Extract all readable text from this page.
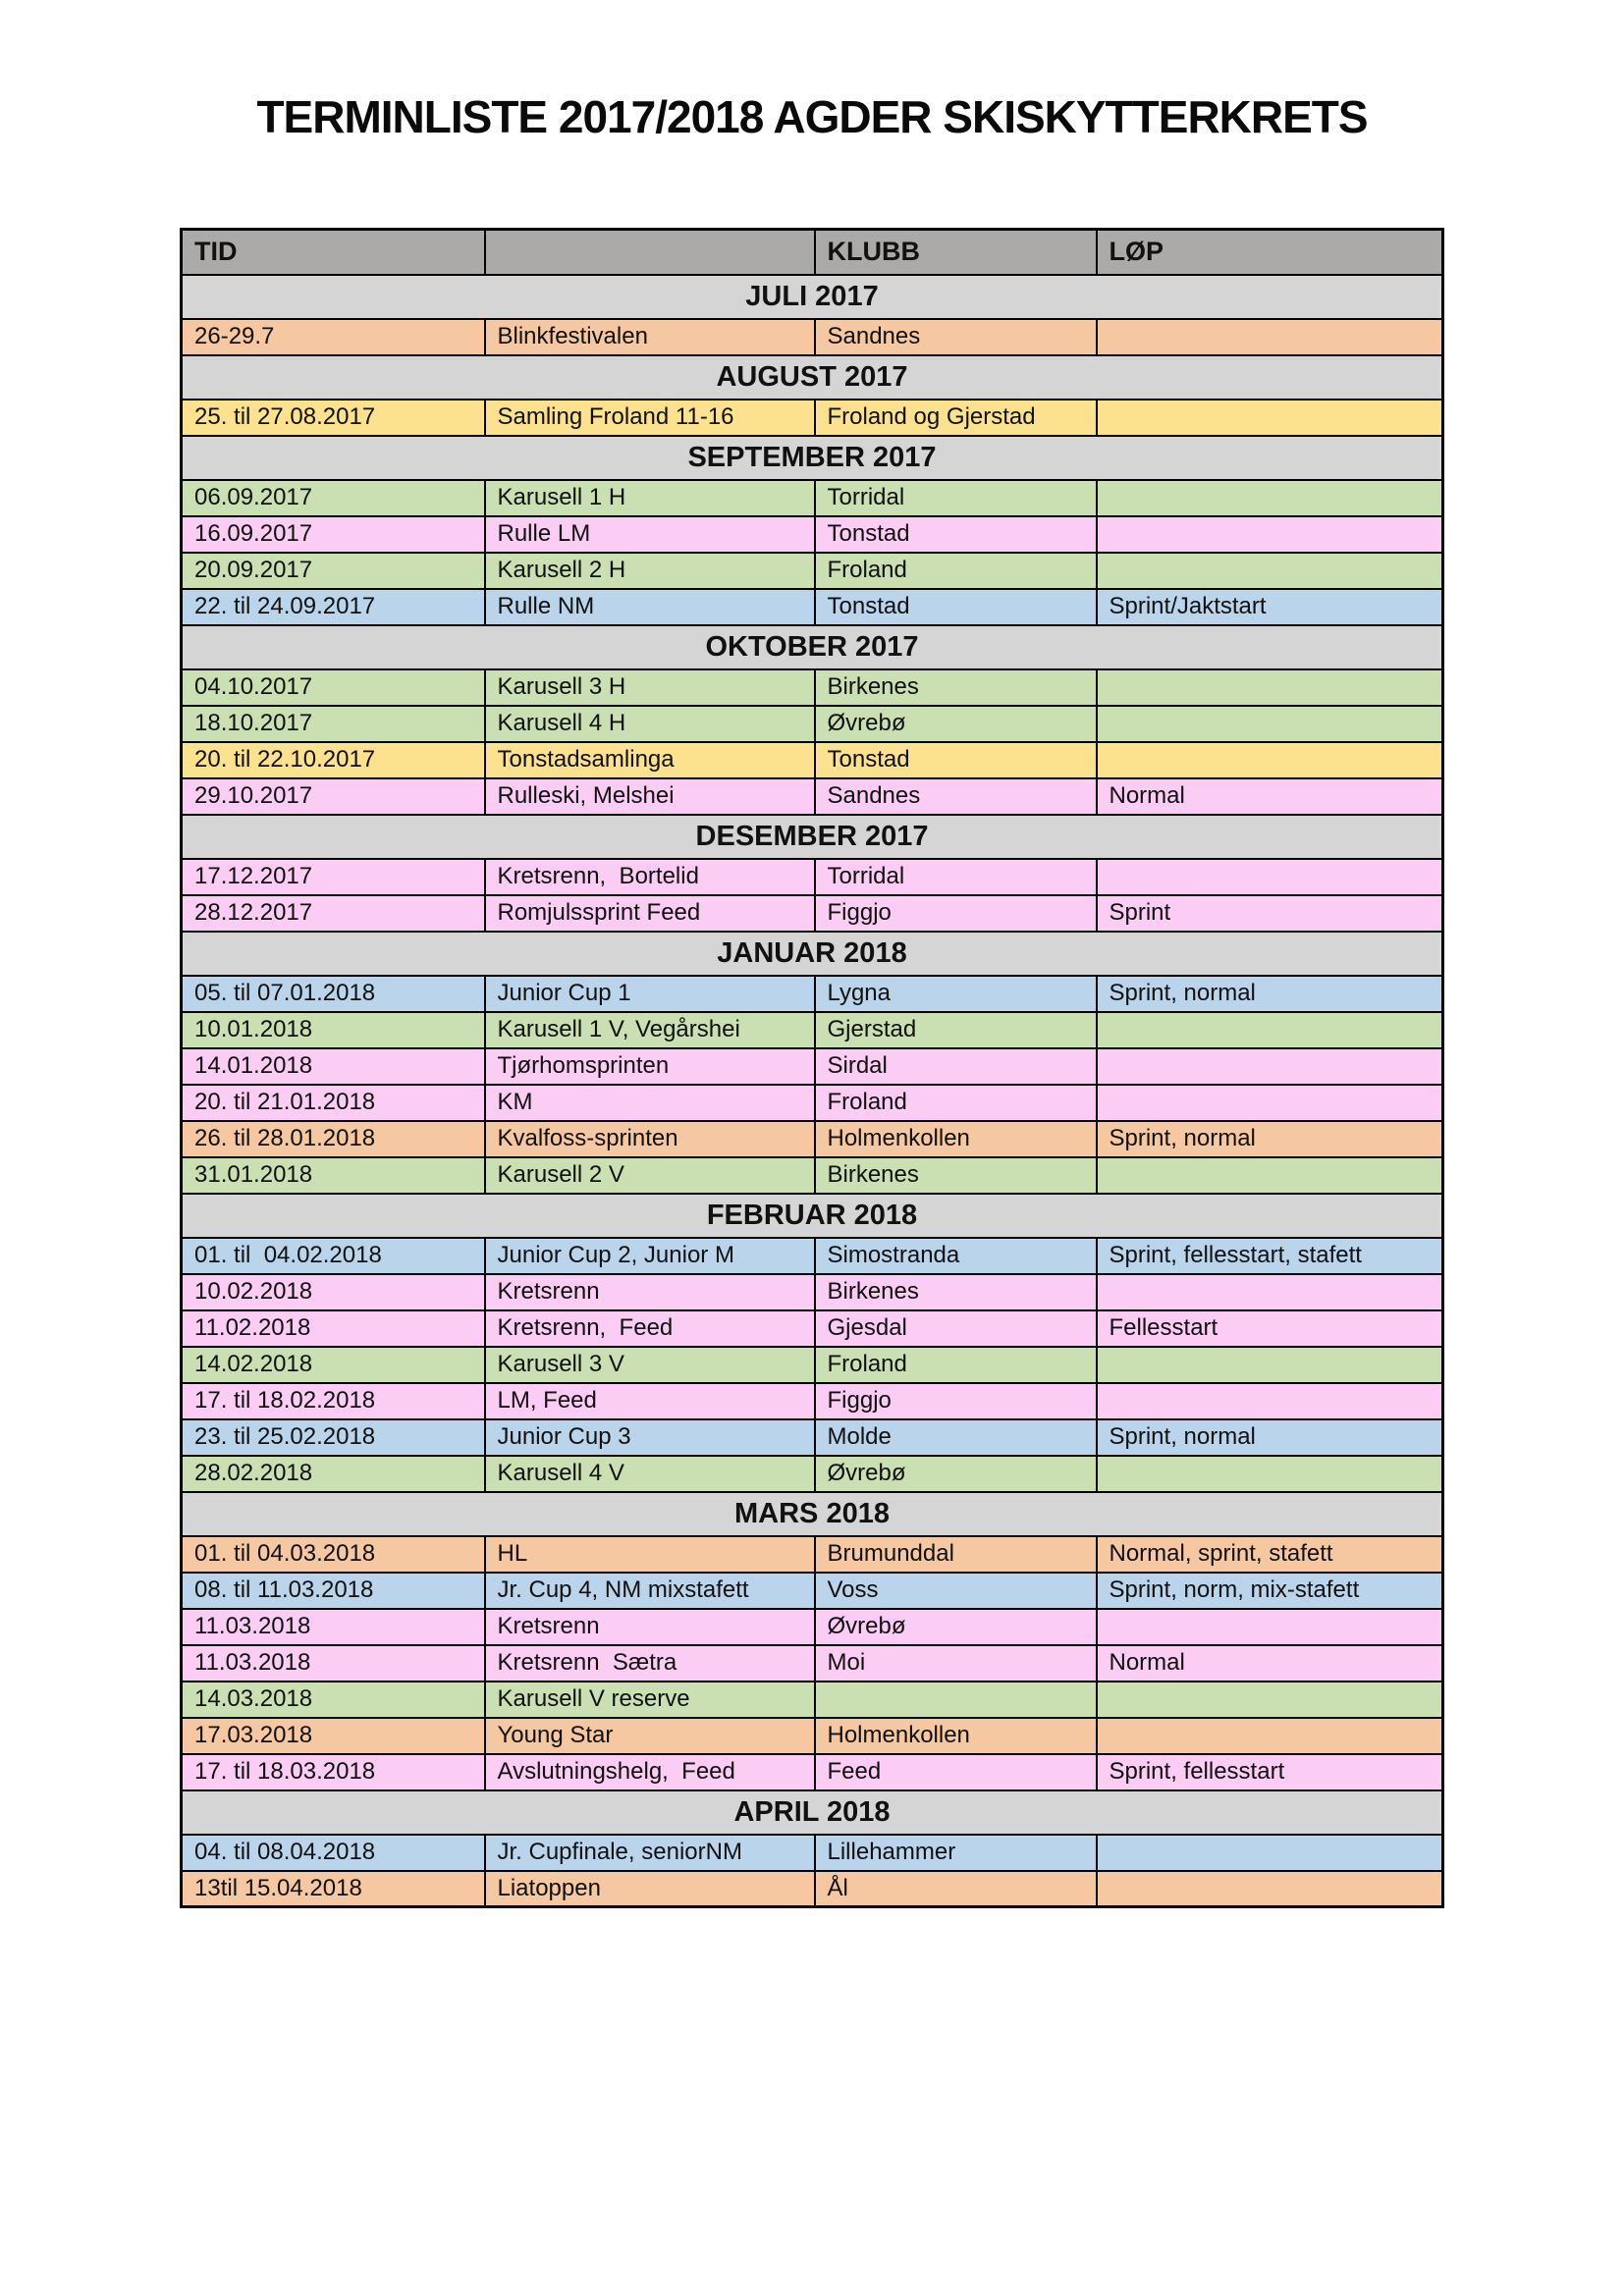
TERMINLISTE 2017/2018 AGDER SKISKYTTERKRETS
TID		KLUBB	LØP
JULI 2017			
26-29.7	Blinkfestivalen	Sandnes	
AUGUST 2017			
25. til 27.08.2017	Samling Froland 11-16	Froland og Gjerstad	
SEPTEMBER 2017			
06.09.2017	Karusell 1 H	Torridal	
16.09.2017	Rulle LM	Tonstad	
20.09.2017	Karusell 2 H	Froland	
22. til 24.09.2017	Rulle NM	Tonstad	Sprint/Jaktstart
OKTOBER 2017			
04.10.2017	Karusell 3 H	Birkenes	
18.10.2017	Karusell 4 H	Øvrebø	
20. til 22.10.2017	Tonstadsamlinga	Tonstad	
29.10.2017	Rulleski, Melshei	Sandnes	Normal
DESEMBER 2017			
17.12.2017	Kretsrenn,  Bortelid	Torridal	
28.12.2017	Romjulssprint Feed	Figgjo	Sprint
JANUAR 2018			
05. til 07.01.2018	Junior Cup 1	Lygna	Sprint, normal
10.01.2018	Karusell 1 V, Vegårshei	Gjerstad	
14.01.2018	Tjørhomsprinten	Sirdal	
20. til 21.01.2018	KM	Froland	
26. til 28.01.2018	Kvalfoss-sprinten	Holmenkollen	Sprint, normal
31.01.2018	Karusell 2 V	Birkenes	
FEBRUAR 2018			
01. til  04.02.2018	Junior Cup 2, Junior M	Simostranda	Sprint, fellesstart, stafett
10.02.2018	Kretsrenn	Birkenes	
11.02.2018	Kretsrenn,  Feed	Gjesdal	Fellesstart
14.02.2018	Karusell 3 V	Froland	
17. til 18.02.2018	LM, Feed	Figgjo	
23. til 25.02.2018	Junior Cup 3	Molde	Sprint, normal
28.02.2018	Karusell 4 V	Øvrebø	
MARS 2018			
01. til 04.03.2018	HL	Brumunddal	Normal, sprint, stafett
08. til 11.03.2018	Jr. Cup 4, NM mixstafett	Voss	Sprint, norm, mix-stafett
11.03.2018	Kretsrenn	Øvrebø	
11.03.2018	Kretsrenn  Sætra	Moi	Normal
14.03.2018	Karusell V reserve		
17.03.2018	Young Star	Holmenkollen	
17. til 18.03.2018	Avslutningshelg,  Feed	Feed	Sprint, fellesstart
APRIL 2018			
04. til 08.04.2018	Jr. Cupfinale, seniorNM	Lillehammer	
13til 15.04.2018	Liatoppen	Ål	
